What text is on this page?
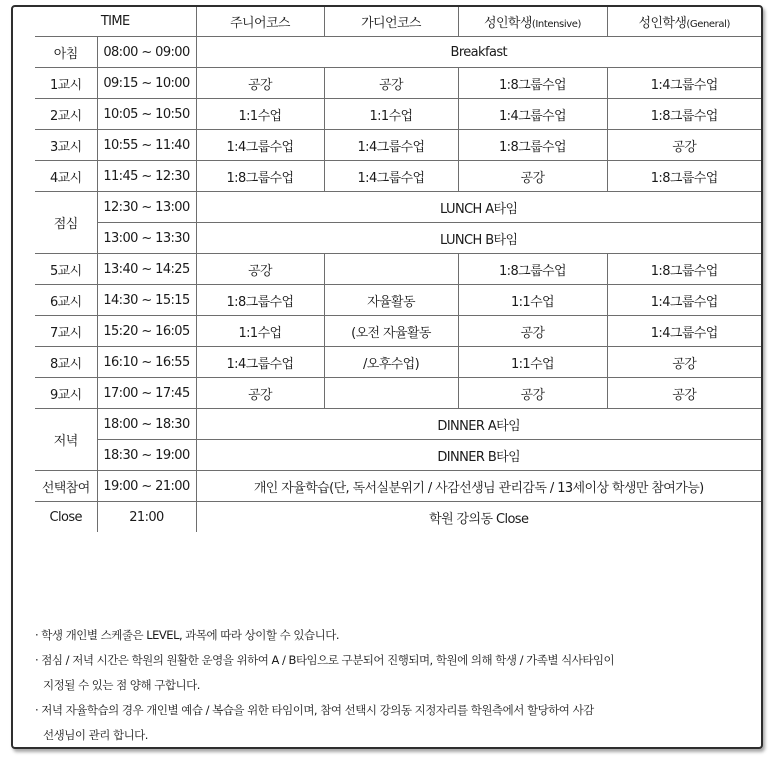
TIME		주니어코스	가디언코스	성인학생(Intensive)	성인학생(General)
아침	08:00 ~ 09:00	Breakfast			
1교시	09:15 ~ 10:00	공강	공강	1:8그룹수업	1:4그룹수업
2교시	10:05 ~ 10:50	1:1수업	1:1수업	1:4그룹수업	1:8그룹수업
3교시	10:55 ~ 11:40	1:4그룹수업	1:4그룹수업	1:8그룹수업	공강
4교시	11:45 ~ 12:30	1:8그룹수업	1:4그룹수업	공강	1:8그룹수업
점심	12:30 ~ 13:00	LUNCH A타임			
	13:00 ~ 13:30	LUNCH B타임			
5교시	13:40 ~ 14:25	공강		1:8그룹수업	1:8그룹수업
6교시	14:30 ~ 15:15	1:8그룹수업	자율활동	1:1수업	1:4그룹수업
7교시	15:20 ~ 16:05	1:1수업	(오전 자율활동	공강	1:4그룹수업
8교시	16:10 ~ 16:55	1:4그룹수업	/오후수업)	1:1수업	공강
9교시	17:00 ~ 17:45	공강		공강	공강
저녁	18:00 ~ 18:30	DINNER A타임			
	18:30 ~ 19:00	DINNER B타임			
선택참여	19:00 ~ 21:00	개인 자율학습(단, 독서실분위기 / 사감선생님 관리감독 / 13세이상 학생만 참여가능)			
Close	21:00	학원 강의동 Close			

· 학생 개인별 스케줄은 LEVEL, 과목에 따라 상이할 수 있습니다.

· 점심 / 저녁 시간은 학원의 원활한 운영을 위하여 A / B타임으로 구분되어 진행되며, 학원에 의해 학생 / 가족별 식사타임이

지정될 수 있는 점 양해 구합니다.

· 저녁 자율학습의 경우 개인별 예습 / 복습을 위한 타임이며, 참여 선택시 강의동 지정자리를 학원측에서 할당하여 사감

선생님이 관리 합니다.
